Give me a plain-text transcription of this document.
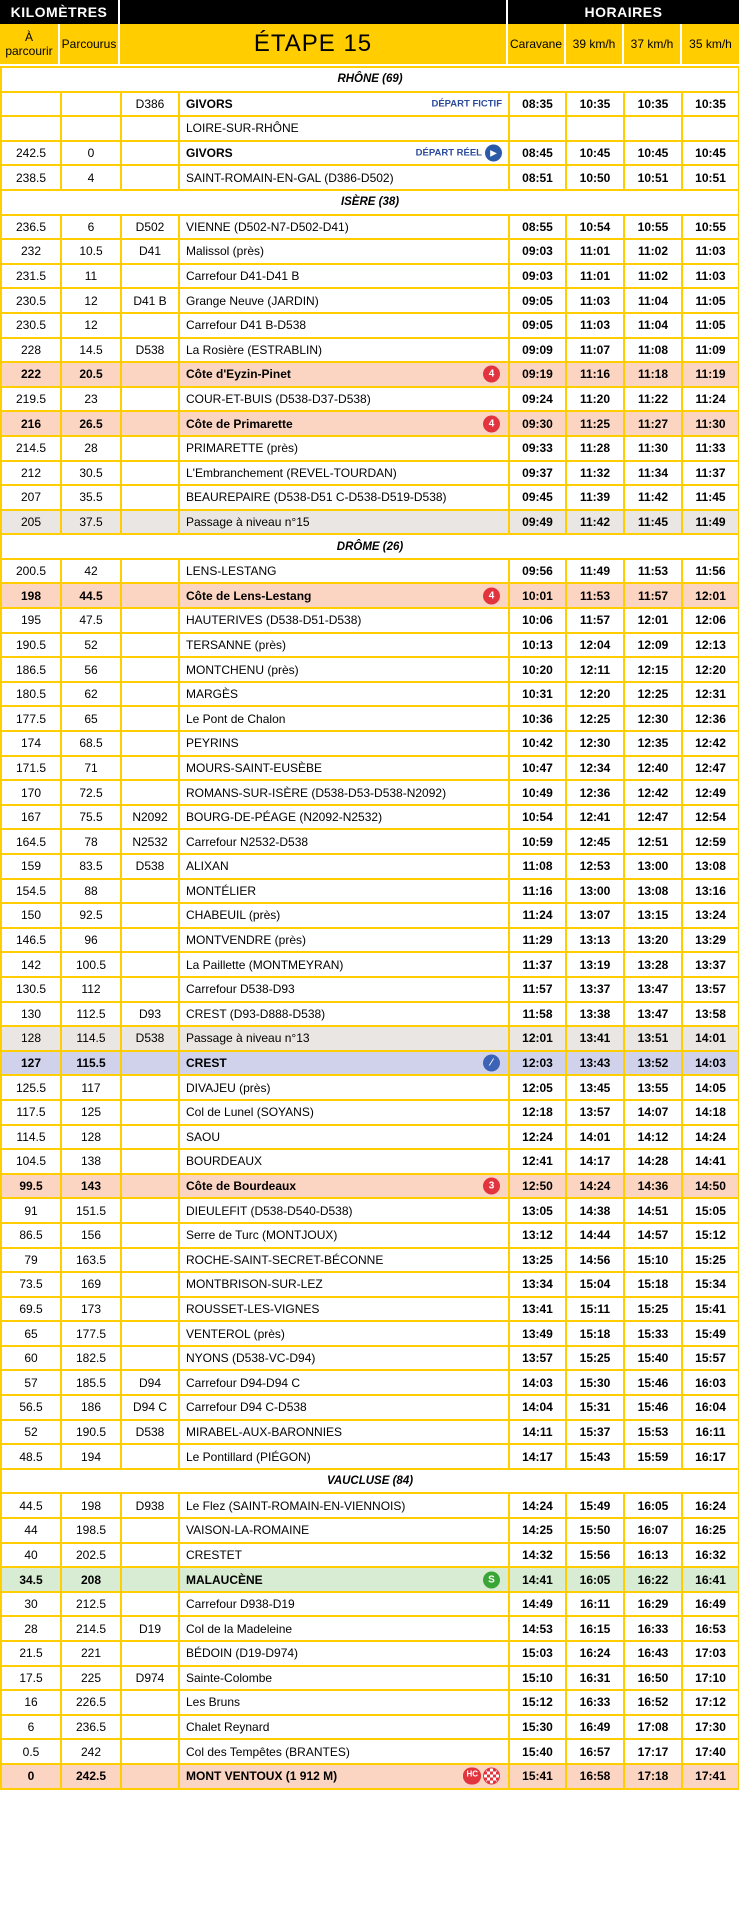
KILOMÈTRES	HORAIRES
À parcourir Parcourus	ÉTAPE 15	Caravane 39 km/h	37 km/h	35 km/h
RHÔNE (69)							
		D386	GIVORS DÉPART FICTIF	08:35	10:35	10:35	10:35
			LOIRE-SUR-RHÔNE				
242.5	0		GIVORS DÉPART RÉEL ▶	08:45	10:45	10:45	10:45
238.5	4		SAINT-ROMAIN-EN-GAL (D386-D502)	08:51	10:50	10:51	10:51
ISÈRE (38)							
236.5	6	D502	VIENNE (D502-N7-D502-D41)	08:55	10:54	10:55	10:55
232	10.5	D41	Malissol (près)	09:03	11:01	11:02	11:03
231.5	11		Carrefour D41-D41 B	09:03	11:01	11:02	11:03
230.5	12	D41 B	Grange Neuve (JARDIN)	09:05	11:03	11:04	11:05
230.5	12		Carrefour D41 B-D538	09:05	11:03	11:04	11:05
228	14.5	D538	La Rosière (ESTRABLIN)	09:09	11:07	11:08	11:09
222	20.5		Côte d'Eyzin-Pinet 4	09:19	11:16	11:18	11:19
219.5	23		COUR-ET-BUIS (D538-D37-D538)	09:24	11:20	11:22	11:24
216	26.5		Côte de Primarette 4	09:30	11:25	11:27	11:30
214.5	28		PRIMARETTE (près)	09:33	11:28	11:30	11:33
212	30.5		L'Embranchement (REVEL-TOURDAN)	09:37	11:32	11:34	11:37
207	35.5		BEAUREPAIRE (D538-D51 C-D538-D519-D538)	09:45	11:39	11:42	11:45
205	37.5		Passage à niveau n°15	09:49	11:42	11:45	11:49
DRÔME (26)							
200.5	42		LENS-LESTANG	09:56	11:49	11:53	11:56
198	44.5		Côte de Lens-Lestang 4	10:01	11:53	11:57	12:01
195	47.5		HAUTERIVES (D538-D51-D538)	10:06	11:57	12:01	12:06
190.5	52		TERSANNE (près)	10:13	12:04	12:09	12:13
186.5	56		MONTCHENU (près)	10:20	12:11	12:15	12:20
180.5	62		MARGÈS	10:31	12:20	12:25	12:31
177.5	65		Le Pont de Chalon	10:36	12:25	12:30	12:36
174	68.5		PEYRINS	10:42	12:30	12:35	12:42
171.5	71		MOURS-SAINT-EUSÈBE	10:47	12:34	12:40	12:47
170	72.5		ROMANS-SUR-ISÈRE (D538-D53-D538-N2092)	10:49	12:36	12:42	12:49
167	75.5	N2092	BOURG-DE-PÉAGE (N2092-N2532)	10:54	12:41	12:47	12:54
164.5	78	N2532	Carrefour N2532-D538	10:59	12:45	12:51	12:59
159	83.5	D538	ALIXAN	11:08	12:53	13:00	13:08
154.5	88		MONTÉLIER	11:16	13:00	13:08	13:16
150	92.5		CHABEUIL (près)	11:24	13:07	13:15	13:24
146.5	96		MONTVENDRE (près)	11:29	13:13	13:20	13:29
142	100.5		La Paillette (MONTMEYRAN)	11:37	13:19	13:28	13:37
130.5	112		Carrefour D538-D93	11:57	13:37	13:47	13:57
130	112.5	D93	CREST (D93-D888-D538)	11:58	13:38	13:47	13:58
128	114.5	D538	Passage à niveau n°13	12:01	13:41	13:51	14:01
127	115.5		CREST ⁄	12:03	13:43	13:52	14:03
125.5	117		DIVAJEU (près)	12:05	13:45	13:55	14:05
117.5	125		Col de Lunel (SOYANS)	12:18	13:57	14:07	14:18
114.5	128		SAOU	12:24	14:01	14:12	14:24
104.5	138		BOURDEAUX	12:41	14:17	14:28	14:41
99.5	143		Côte de Bourdeaux 3	12:50	14:24	14:36	14:50
91	151.5		DIEULEFIT (D538-D540-D538)	13:05	14:38	14:51	15:05
86.5	156		Serre de Turc (MONTJOUX)	13:12	14:44	14:57	15:12
79	163.5		ROCHE-SAINT-SECRET-BÉCONNE	13:25	14:56	15:10	15:25
73.5	169		MONTBRISON-SUR-LEZ	13:34	15:04	15:18	15:34
69.5	173		ROUSSET-LES-VIGNES	13:41	15:11	15:25	15:41
65	177.5		VENTEROL (près)	13:49	15:18	15:33	15:49
60	182.5		NYONS (D538-VC-D94)	13:57	15:25	15:40	15:57
57	185.5	D94	Carrefour D94-D94 C	14:03	15:30	15:46	16:03
56.5	186	D94 C	Carrefour D94 C-D538	14:04	15:31	15:46	16:04
52	190.5	D538	MIRABEL-AUX-BARONNIES	14:11	15:37	15:53	16:11
48.5	194		Le Pontillard (PIÉGON)	14:17	15:43	15:59	16:17
VAUCLUSE (84)							
44.5	198	D938	Le Flez (SAINT-ROMAIN-EN-VIENNOIS)	14:24	15:49	16:05	16:24
44	198.5		VAISON-LA-ROMAINE	14:25	15:50	16:07	16:25
40	202.5		CRESTET	14:32	15:56	16:13	16:32
34.5	208		MALAUCÈNE S	14:41	16:05	16:22	16:41
30	212.5		Carrefour D938-D19	14:49	16:11	16:29	16:49
28	214.5	D19	Col de la Madeleine	14:53	16:15	16:33	16:53
21.5	221		BÉDOIN (D19-D974)	15:03	16:24	16:43	17:03
17.5	225	D974	Sainte-Colombe	15:10	16:31	16:50	17:10
16	226.5		Les Bruns	15:12	16:33	16:52	17:12
6	236.5		Chalet Reynard	15:30	16:49	17:08	17:30
0.5	242		Col des Tempêtes (BRANTES)	15:40	16:57	17:17	17:40
0	242.5		MONT VENTOUX (1 912 M) HC	15:41	16:58	17:18	17:41
